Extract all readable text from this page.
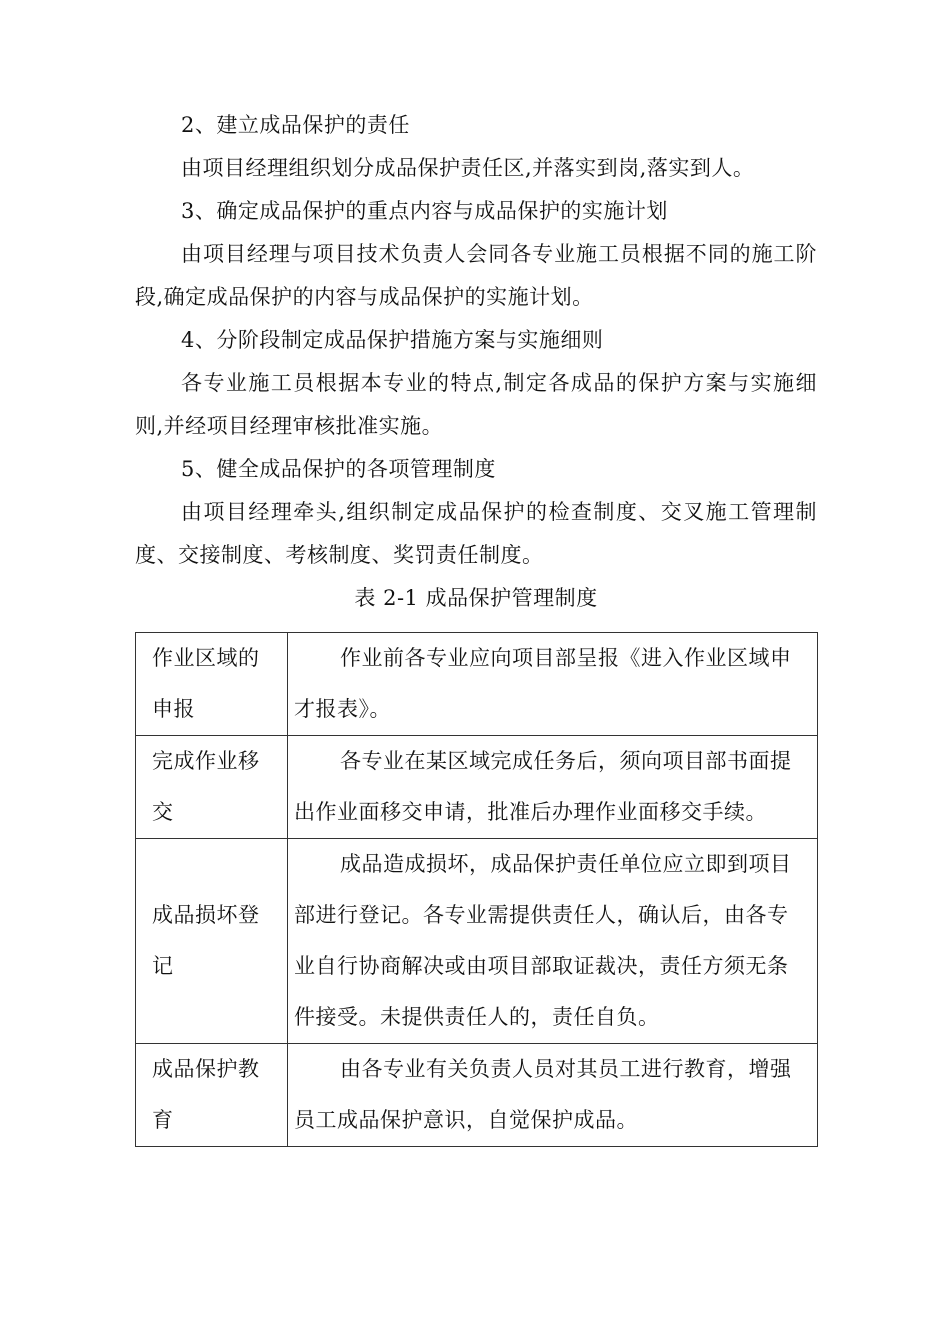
2、建立成品保护的责任

由项目经理组织划分成品保护责任区,并落实到岗,落实到人。

3、确定成品保护的重点内容与成品保护的实施计划

由项目经理与项目技术负责人会同各专业施工员根据不同的施工阶段,确定成品保护的内容与成品保护的实施计划。

4、分阶段制定成品保护措施方案与实施细则

各专业施工员根据本专业的特点,制定各成品的保护方案与实施细则,并经项目经理审核批准实施。

5、健全成品保护的各项管理制度

由项目经理牵头,组织制定成品保护的检查制度、交叉施工管理制度、交接制度、考核制度、奖罚责任制度。

表 2-1 成品保护管理制度

作业区域的申报	作业前各专业应向项目部呈报《进入作业区域申才报表》。
完成作业移交	各专业在某区域完成任务后，须向项目部书面提出作业面移交申请，批准后办理作业面移交手续。
成品损坏登记	成品造成损坏，成品保护责任单位应立即到项目部进行登记。各专业需提供责任人，确认后，由各专业自行协商解决或由项目部取证裁决，责任方须无条件接受。未提供责任人的，责任自负。
成品保护教育	由各专业有关负责人员对其员工进行教育，增强员工成品保护意识，自觉保护成品。
